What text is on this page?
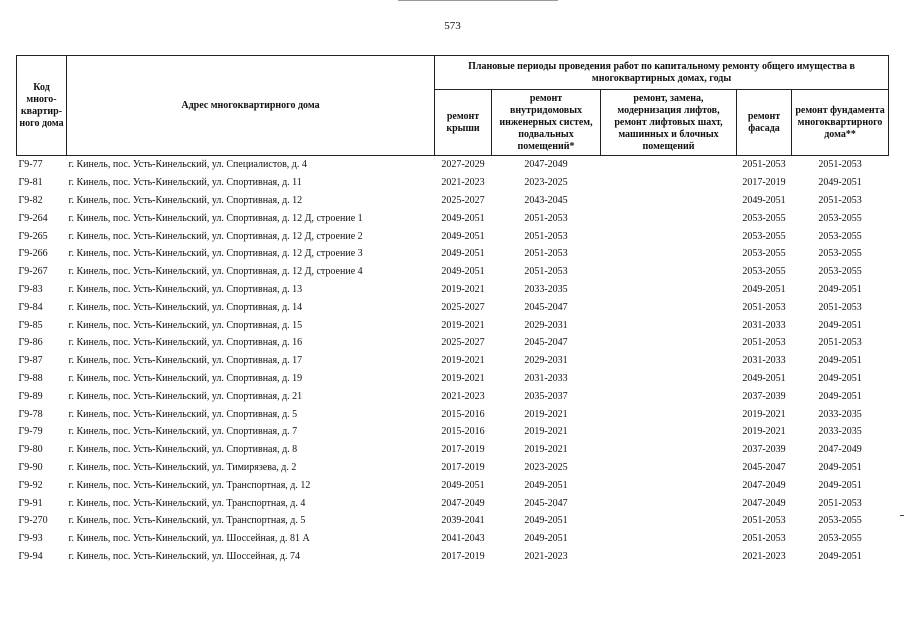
573
Код много-квартир-ного дома	Адрес многоквартирного дома	Плановые периоды проведения работ по капитальному ремонту общего имущества в многоквартирных домах, годы				
		ремонт крыши	ремонт внутридомовых инженерных систем, подвальных помещений*	ремонт, замена, модернизация лифтов, ремонт лифтовых шахт, машинных и блочных помещений	ремонт фасада	ремонт фундамента многоквартирного дома**
Г9-77	г. Кинель, пос. Усть-Кинельский, ул. Специалистов, д. 4	2027-2029	2047-2049		2051-2053	2051-2053
Г9-81	г. Кинель, пос. Усть-Кинельский, ул. Спортивная, д. 11	2021-2023	2023-2025		2017-2019	2049-2051
Г9-82	г. Кинель, пос. Усть-Кинельский, ул. Спортивная, д. 12	2025-2027	2043-2045		2049-2051	2051-2053
Г9-264	г. Кинель, пос. Усть-Кинельский, ул. Спортивная, д. 12 Д, строение 1	2049-2051	2051-2053		2053-2055	2053-2055
Г9-265	г. Кинель, пос. Усть-Кинельский, ул. Спортивная, д. 12 Д, строение 2	2049-2051	2051-2053		2053-2055	2053-2055
Г9-266	г. Кинель, пос. Усть-Кинельский, ул. Спортивная, д. 12 Д, строение 3	2049-2051	2051-2053		2053-2055	2053-2055
Г9-267	г. Кинель, пос. Усть-Кинельский, ул. Спортивная, д. 12 Д, строение 4	2049-2051	2051-2053		2053-2055	2053-2055
Г9-83	г. Кинель, пос. Усть-Кинельский, ул. Спортивная, д. 13	2019-2021	2033-2035		2049-2051	2049-2051
Г9-84	г. Кинель, пос. Усть-Кинельский, ул. Спортивная, д. 14	2025-2027	2045-2047		2051-2053	2051-2053
Г9-85	г. Кинель, пос. Усть-Кинельский, ул. Спортивная, д. 15	2019-2021	2029-2031		2031-2033	2049-2051
Г9-86	г. Кинель, пос. Усть-Кинельский, ул. Спортивная, д. 16	2025-2027	2045-2047		2051-2053	2051-2053
Г9-87	г. Кинель, пос. Усть-Кинельский, ул. Спортивная, д. 17	2019-2021	2029-2031		2031-2033	2049-2051
Г9-88	г. Кинель, пос. Усть-Кинельский, ул. Спортивная, д. 19	2019-2021	2031-2033		2049-2051	2049-2051
Г9-89	г. Кинель, пос. Усть-Кинельский, ул. Спортивная, д. 21	2021-2023	2035-2037		2037-2039	2049-2051
Г9-78	г. Кинель, пос. Усть-Кинельский, ул. Спортивная, д. 5	2015-2016	2019-2021		2019-2021	2033-2035
Г9-79	г. Кинель, пос. Усть-Кинельский, ул. Спортивная, д. 7	2015-2016	2019-2021		2019-2021	2033-2035
Г9-80	г. Кинель, пос. Усть-Кинельский, ул. Спортивная, д. 8	2017-2019	2019-2021		2037-2039	2047-2049
Г9-90	г. Кинель, пос. Усть-Кинельский, ул. Тимирязева, д. 2	2017-2019	2023-2025		2045-2047	2049-2051
Г9-92	г. Кинель, пос. Усть-Кинельский, ул. Транспортная, д. 12	2049-2051	2049-2051		2047-2049	2049-2051
Г9-91	г. Кинель, пос. Усть-Кинельский, ул. Транспортная, д. 4	2047-2049	2045-2047		2047-2049	2051-2053
Г9-270	г. Кинель, пос. Усть-Кинельский, ул. Транспортная, д. 5	2039-2041	2049-2051		2051-2053	2053-2055
Г9-93	г. Кинель, пос. Усть-Кинельский, ул. Шоссейная, д. 81 А	2041-2043	2049-2051		2051-2053	2053-2055
Г9-94	г. Кинель, пос. Усть-Кинельский, ул. Шоссейная, д. 74	2017-2019	2021-2023		2021-2023	2049-2051
